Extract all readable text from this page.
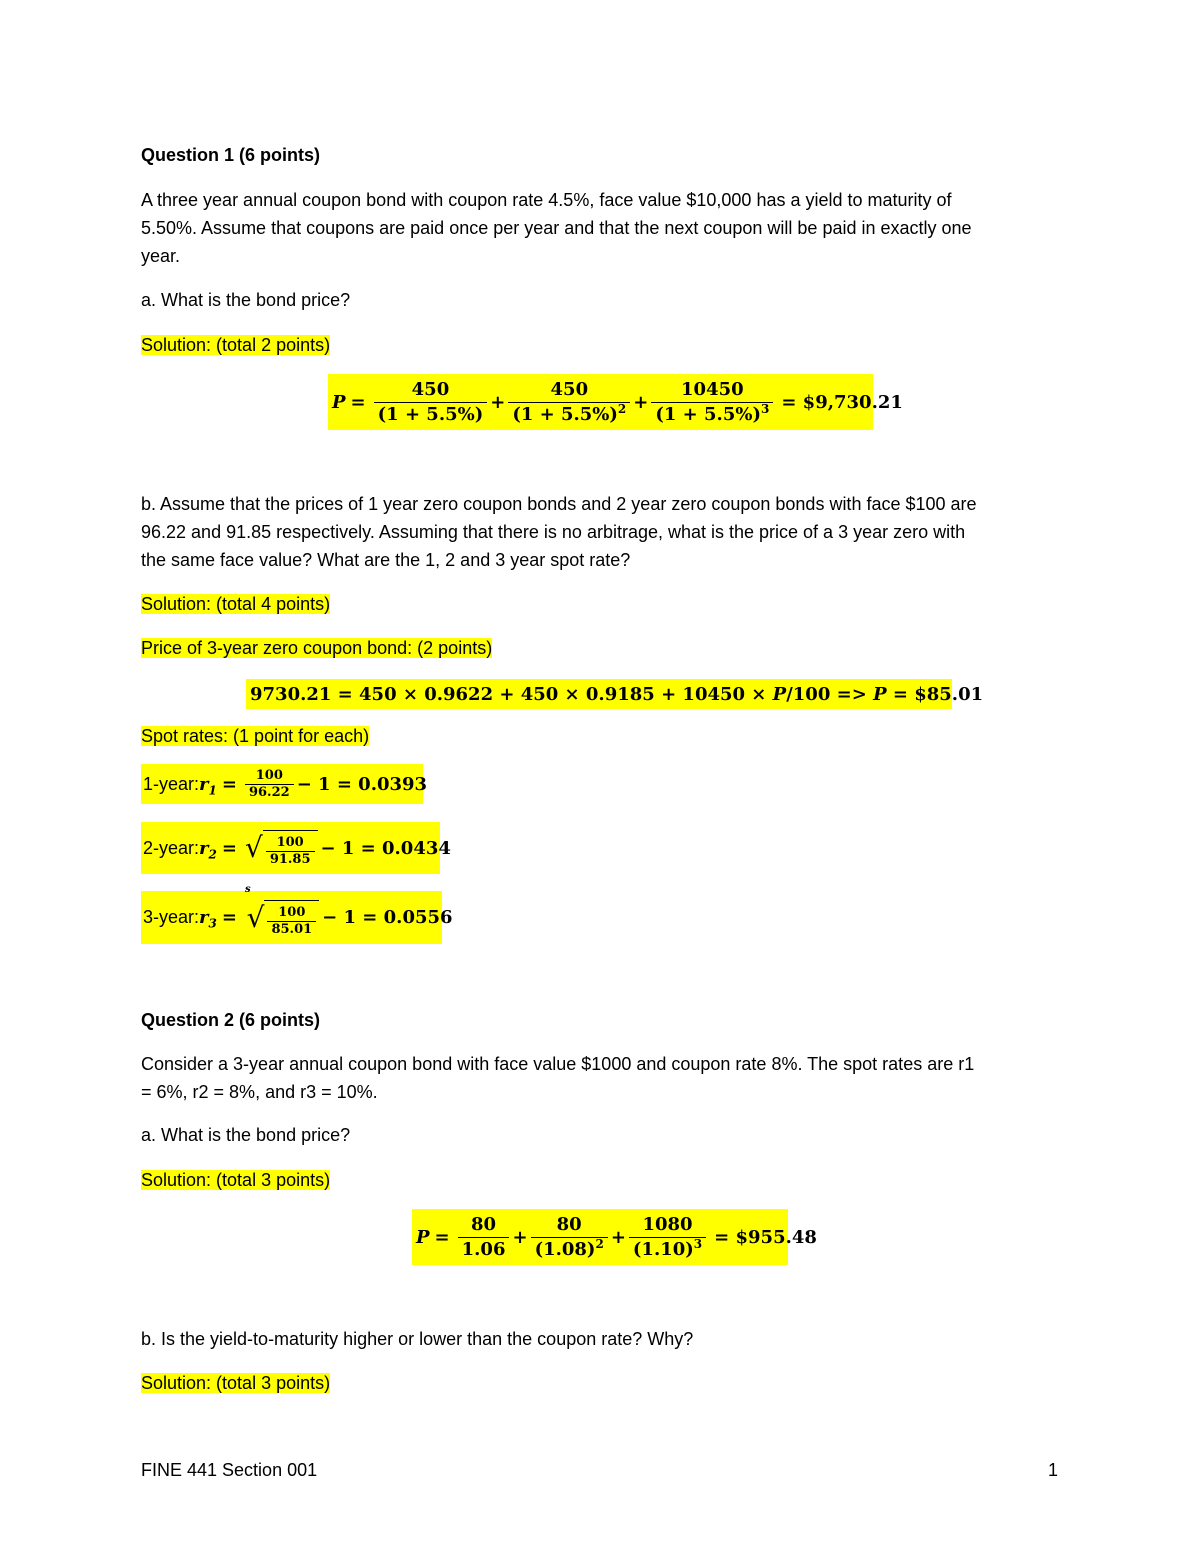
Question 1 (6 points)
A three year annual coupon bond with coupon rate 4.5%, face value $10,000 has a yield to maturity of
5.50%. Assume that coupons are paid once per year and that the next coupon will be paid in exactly one
year.
a. What is the bond price?
Solution: (total 2 points)
$P = \frac{450}{(1 + 5.5\%)} + \frac{450}{(1 + 5.5\%)^2} + \frac{10450}{(1 + 5.5\%)^3}$ = $9,730.21
b. Assume that the prices of 1 year zero coupon bonds and 2 year zero coupon bonds with face $100 are
96.22 and 91.85 respectively. Assuming that there is no arbitrage, what is the price of a 3 year zero with
the same face value? What are the 1, 2 and 3 year spot rate?
Solution: (total 4 points)
Price of 3-year zero coupon bond: (2 points)
9730.21 = 450 × 0.9622 + 450 × 0.9185 + 10450 × P /100 => P = $85.01
Spot rates: (1 point for each)
1-year: $r_1 = \frac{100}{96.22} - 1 = 0.0393$
2-year: $r_2$ = √ $\frac{100}{91.85} - 1 = 0.0434$
3-year: $r_3$ =
s
√ $\frac{100}{85.01} - 1 = 0.0556$
Question 2 (6 points)
Consider a 3-year annual coupon bond with face value $1000 and coupon rate 8%. The spot rates are r1
= 6%, r2 = 8%, and r3 = 10%.
a. What is the bond price?
Solution: (total 3 points)
$P = \frac{80}{1.06} + \frac{80}{(1.08)^2} + \frac{1080}{(1.10)^3}$ = $955.48
b. Is the yield-to-maturity higher or lower than the coupon rate? Why?
Solution: (total 3 points)
FINE 441 Section 001	1
